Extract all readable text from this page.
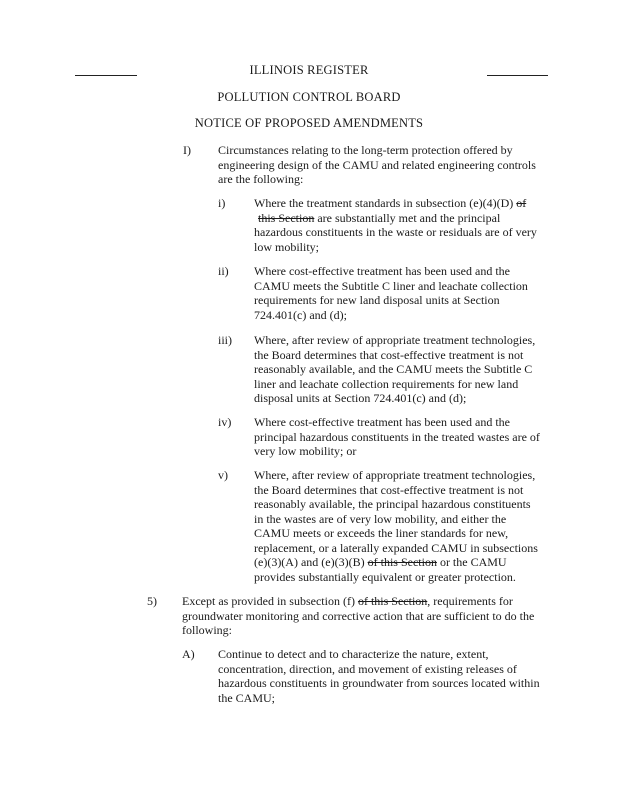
ILLINOIS REGISTER
POLLUTION CONTROL BOARD
NOTICE OF PROPOSED AMENDMENTS
I) Circumstances relating to the long-term protection offered by
engineering design of the CAMU and related engineering controls
are the following:
i) Where the treatment standards in subsection (e)(4)(D) of
this Section are substantially met and the principal
hazardous constituents in the waste or residuals are of very
low mobility;
ii) Where cost-effective treatment has been used and the
CAMU meets the Subtitle C liner and leachate collection
requirements for new land disposal units at Section
724.401(c) and (d);
iii) Where, after review of appropriate treatment technologies,
the Board determines that cost-effective treatment is not
reasonably available, and the CAMU meets the Subtitle C
liner and leachate collection requirements for new land
disposal units at Section 724.401(c) and (d);
iv) Where cost-effective treatment has been used and the
principal hazardous constituents in the treated wastes are of
very low mobility; or
v) Where, after review of appropriate treatment technologies,
the Board determines that cost-effective treatment is not
reasonably available, the principal hazardous constituents
in the wastes are of very low mobility, and either the
CAMU meets or exceeds the liner standards for new,
replacement, or a laterally expanded CAMU in subsections
(e)(3)(A) and (e)(3)(B) of this Section or the CAMU
provides substantially equivalent or greater protection.
5) Except as provided in subsection (f) of this Section, requirements for
groundwater monitoring and corrective action that are sufficient to do the
following:
A) Continue to detect and to characterize the nature, extent,
concentration, direction, and movement of existing releases of
hazardous constituents in groundwater from sources located within
the CAMU;
